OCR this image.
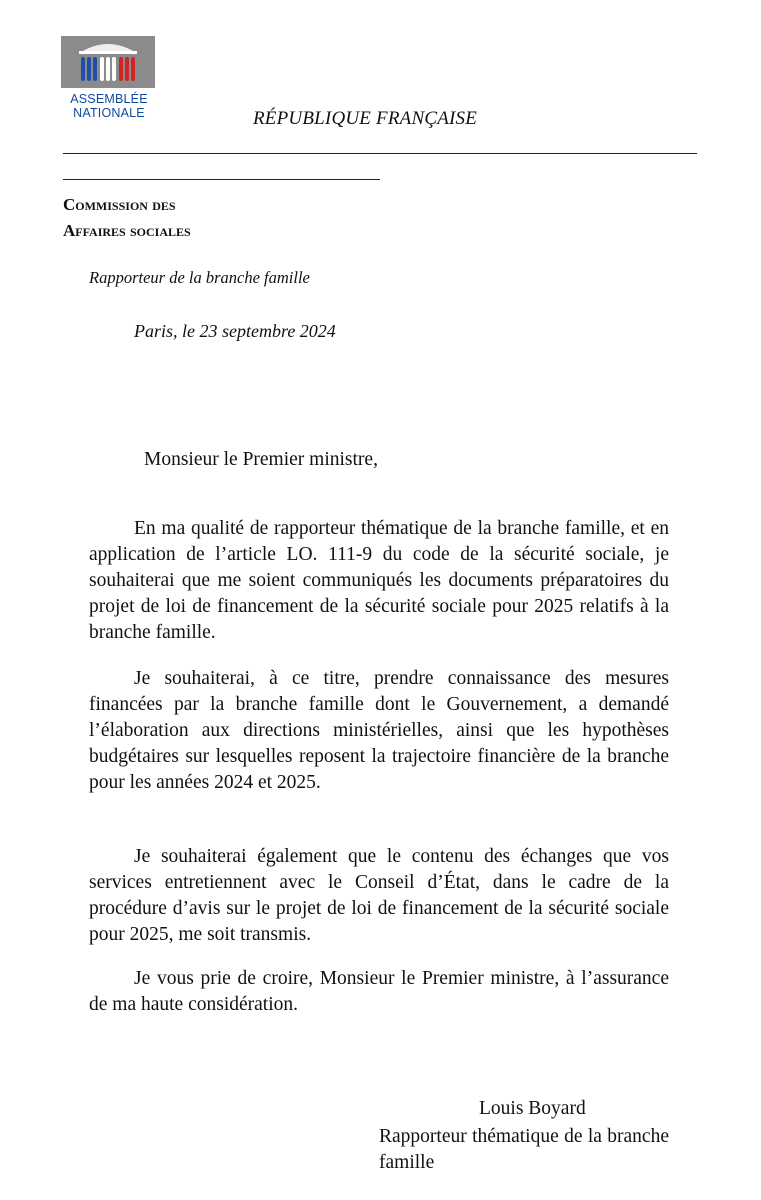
ASSEMBLÉE
NATIONALE	RÉPUBLIQUE FRANÇAISE
Commission des
Affaires sociales
Rapporteur de la branche famille
Paris, le 23 septembre 2024
Monsieur le Premier ministre,
En ma qualité de rapporteur thématique de la branche famille, et en application de l’article LO. 111-9 du code de la sécurité sociale, je souhaiterai que me soient communiqués les documents préparatoires du projet de loi de financement de la sécurité sociale pour 2025 relatifs à la branche famille.
Je souhaiterai, à ce titre, prendre connaissance des mesures financées par la branche famille dont le Gouvernement, a demandé l’élaboration aux directions ministérielles, ainsi que les hypothèses budgétaires sur lesquelles reposent la trajectoire financière de la branche pour les années 2024 et 2025.
Je souhaiterai également que le contenu des échanges que vos services entretiennent avec le Conseil d’État, dans le cadre de la procédure d’avis sur le projet de loi de financement de la sécurité sociale pour 2025, me soit transmis.
Je vous prie de croire, Monsieur le Premier ministre, à l’assurance de ma haute considération.
Louis Boyard
Rapporteur thématique de la branche famille
